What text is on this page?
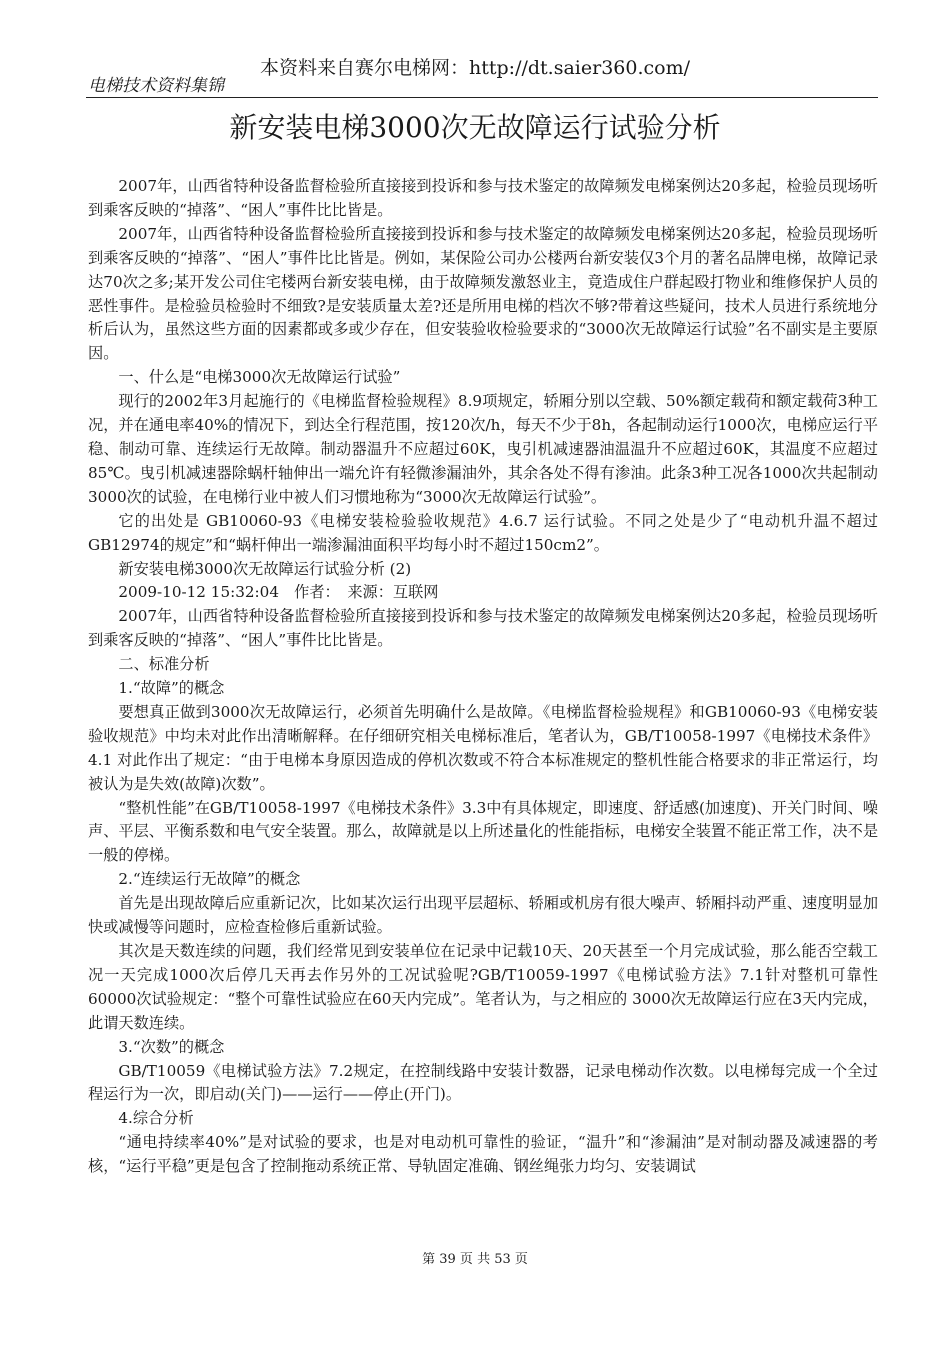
本资料来自赛尔电梯网：http://dt.saier360.com/
电梯技术资料集锦
新安装电梯3000次无故障运行试验分析

2007年，山西省特种设备监督检验所直接接到投诉和参与技术鉴定的故障频发电梯案例达20多起，检验员现场听到乘客反映的“掉落”、“困人”事件比比皆是。

2007年，山西省特种设备监督检验所直接接到投诉和参与技术鉴定的故障频发电梯案例达20多起，检验员现场听到乘客反映的“掉落”、“困人”事件比比皆是。例如，某保险公司办公楼两台新安装仅3个月的著名品牌电梯，故障记录达70次之多;某开发公司住宅楼两台新安装电梯，由于故障频发激怒业主，竟造成住户群起殴打物业和维修保护人员的恶性事件。是检验员检验时不细致?是安装质量太差?还是所用电梯的档次不够?带着这些疑问，技术人员进行系统地分析后认为，虽然这些方面的因素都或多或少存在，但安装验收检验要求的“3000次无故障运行试验”名不副实是主要原因。

一、什么是“电梯3000次无故障运行试验”

现行的2002年3月起施行的《电梯监督检验规程》8.9项规定，轿厢分别以空载、50%额定载荷和额定载荷3种工况，并在通电率40%的情况下，到达全行程范围，按120次/h，每天不少于8h，各起制动运行1000次，电梯应运行平稳、制动可靠、连续运行无故障。制动器温升不应超过60K，曳引机减速器油温温升不应超过60K，其温度不应超过85℃。曳引机减速器除蜗杆轴伸出一端允许有轻微渗漏油外，其余各处不得有渗油。此条3种工况各1000次共起制动3000次的试验，在电梯行业中被人们习惯地称为“3000次无故障运行试验”。

它的出处是 GB10060-93《电梯安装检验验收规范》4.6.7 运行试验。不同之处是少了“电动机升温不超过GB12974的规定”和“蜗杆伸出一端渗漏油面积平均每小时不超过150cm2”。

新安装电梯3000次无故障运行试验分析 (2)

2009-10-12 15:32:04　作者：　来源：互联网

2007年，山西省特种设备监督检验所直接接到投诉和参与技术鉴定的故障频发电梯案例达20多起，检验员现场听到乘客反映的“掉落”、“困人”事件比比皆是。

二、标准分析

1.“故障”的概念

要想真正做到3000次无故障运行，必须首先明确什么是故障。《电梯监督检验规程》和GB10060-93《电梯安装验收规范》中均未对此作出清晰解释。在仔细研究相关电梯标准后，笔者认为，GB/T10058-1997《电梯技术条件》4.1 对此作出了规定：“由于电梯本身原因造成的停机次数或不符合本标准规定的整机性能合格要求的非正常运行，均被认为是失效(故障)次数”。

“整机性能”在GB/T10058-1997《电梯技术条件》3.3中有具体规定，即速度、舒适感(加速度)、开关门时间、噪声、平层、平衡系数和电气安全装置。那么，故障就是以上所述量化的性能指标，电梯安全装置不能正常工作，决不是一般的停梯。

2.“连续运行无故障”的概念

首先是出现故障后应重新记次，比如某次运行出现平层超标、轿厢或机房有很大噪声、轿厢抖动严重、速度明显加快或减慢等问题时，应检查检修后重新试验。

其次是天数连续的问题，我们经常见到安装单位在记录中记载10天、20天甚至一个月完成试验，那么能否空载工况一天完成1000次后停几天再去作另外的工况试验呢?GB/T10059-1997《电梯试验方法》7.1针对整机可靠性60000次试验规定：“整个可靠性试验应在60天内完成”。笔者认为，与之相应的 3000次无故障运行应在3天内完成，此谓天数连续。

3.“次数”的概念

GB/T10059《电梯试验方法》7.2规定，在控制线路中安装计数器，记录电梯动作次数。以电梯每完成一个全过程运行为一次，即启动(关门)——运行——停止(开门)。

4.综合分析

“通电持续率40%”是对试验的要求，也是对电动机可靠性的验证，“温升”和“渗漏油”是对制动器及减速器的考核，“运行平稳”更是包含了控制拖动系统正常、导轨固定准确、钢丝绳张力均匀、安装调试

第 39 页 共 53 页
